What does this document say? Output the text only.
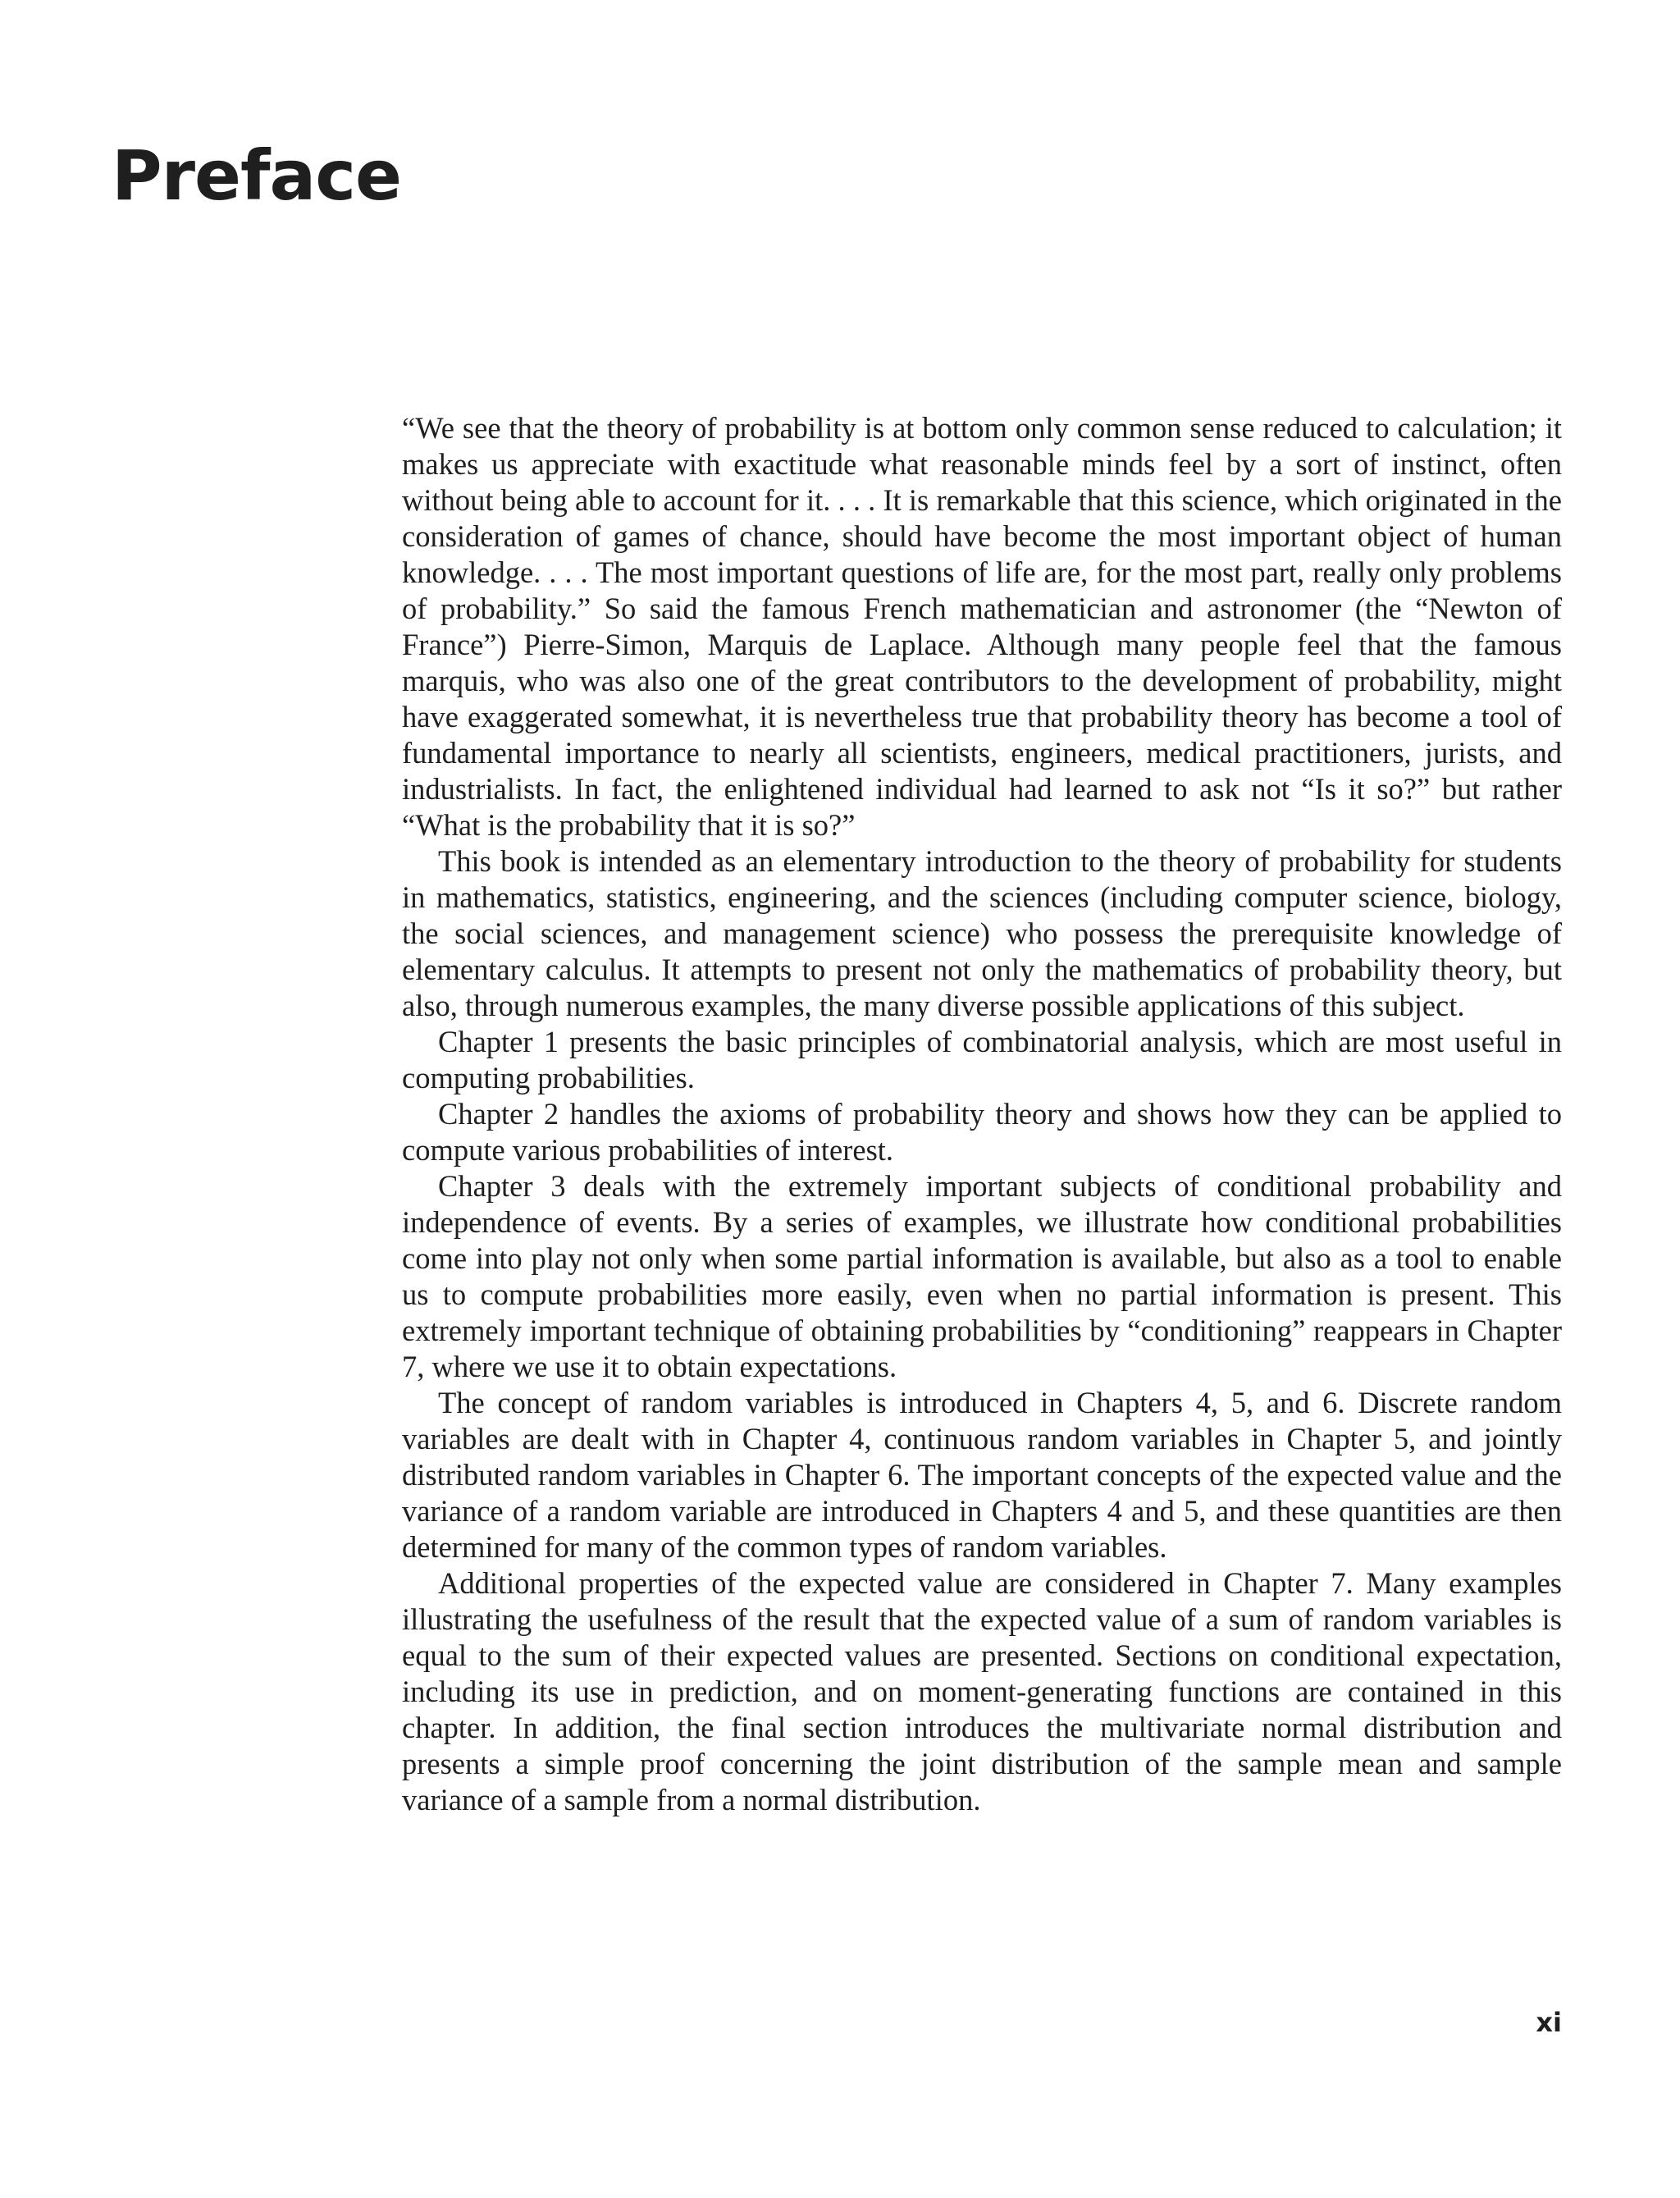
Preface

“We see that the theory of probability is at bottom only common sense reduced to calculation; it makes us appreciate with exactitude what reasonable minds feel by a sort of instinct, often without being able to account for it. . . . It is remarkable that this science, which originated in the consideration of games of chance, should have become the most important object of human knowledge. . . . The most important questions of life are, for the most part, really only problems of probability.” So said the famous French mathematician and astronomer (the “Newton of France”) Pierre-Simon, Marquis de Laplace. Although many people feel that the famous marquis, who was also one of the great contributors to the development of probability, might have exaggerated somewhat, it is nevertheless true that probability theory has become a tool of fundamental importance to nearly all scientists, engineers, medical practitioners, jurists, and industrialists. In fact, the enlightened individual had learned to ask not “Is it so?” but rather “What is the probability that it is so?”

This book is intended as an elementary introduction to the theory of probability for students in mathematics, statistics, engineering, and the sciences (including computer science, biology, the social sciences, and management science) who possess the prerequisite knowledge of elementary calculus. It attempts to present not only the mathematics of probability theory, but also, through numerous examples, the many diverse possible applications of this subject.

Chapter 1 presents the basic principles of combinatorial analysis, which are most useful in computing probabilities.

Chapter 2 handles the axioms of probability theory and shows how they can be applied to compute various probabilities of interest.

Chapter 3 deals with the extremely important subjects of conditional probability and independence of events. By a series of examples, we illustrate how conditional probabilities come into play not only when some partial information is available, but also as a tool to enable us to compute probabilities more easily, even when no partial information is present. This extremely important technique of obtaining probabilities by “conditioning” reappears in Chapter 7, where we use it to obtain expectations.

The concept of random variables is introduced in Chapters 4, 5, and 6. Discrete random variables are dealt with in Chapter 4, continuous random variables in Chapter 5, and jointly distributed random variables in Chapter 6. The important concepts of the expected value and the variance of a random variable are introduced in Chapters 4 and 5, and these quantities are then determined for many of the common types of random variables.

Additional properties of the expected value are considered in Chapter 7. Many examples illustrating the usefulness of the result that the expected value of a sum of random variables is equal to the sum of their expected values are presented. Sections on conditional expectation, including its use in prediction, and on moment-generating functions are contained in this chapter. In addition, the final section introduces the multivariate normal distribution and presents a simple proof concerning the joint distribution of the sample mean and sample variance of a sample from a normal distribution.

xi
